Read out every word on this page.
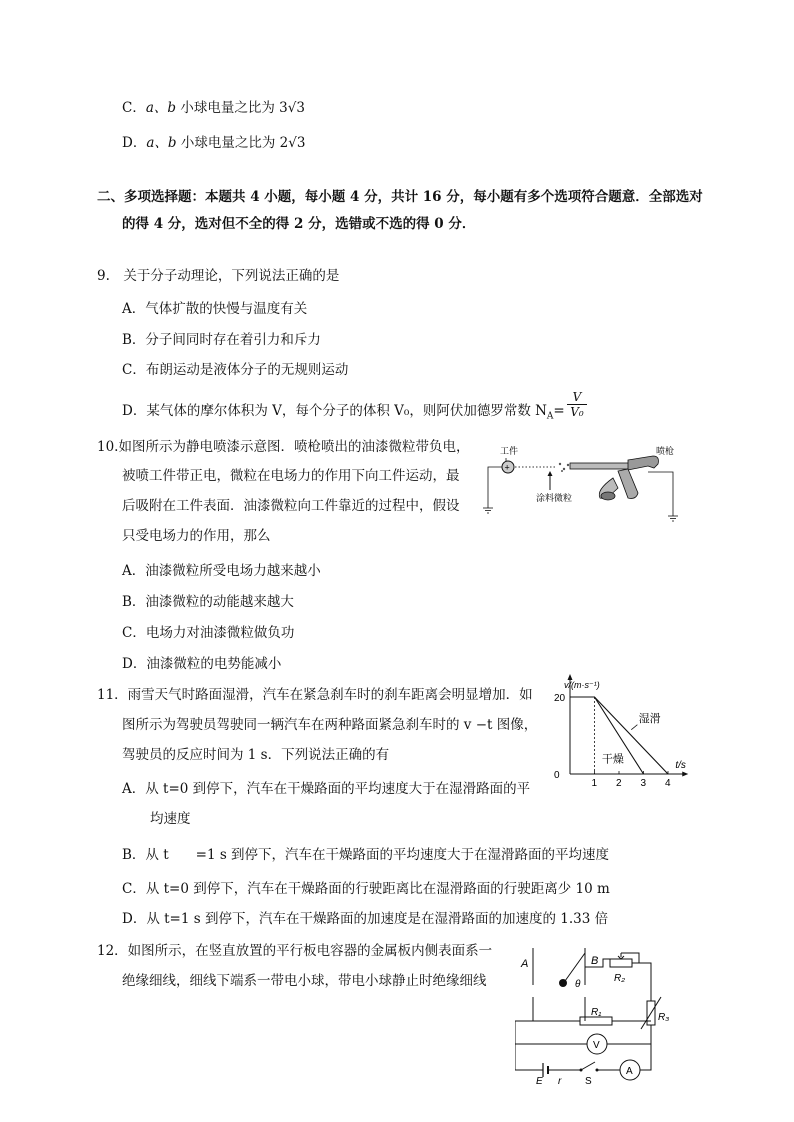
C．a、b 小球电量之比为 3√3
D．a、b 小球电量之比为 2√3
二、多项选择题：本题共 4 小题，每小题 4 分，共计 16 分，每小题有多个选项符合题意．全部选对
的得 4 分，选对但不全的得 2 分，选错或不选的得 0 分．
9.　关于分子动理论，下列说法正确的是
A．气体扩散的快慢与温度有关
B．分子间同时存在着引力和斥力
C．布朗运动是液体分子的无规则运动
D．某气体的摩尔体积为 V，每个分子的体积 V₀，则阿伏加德罗常数 $N_A=$
V
V₀
10.如图所示为静电喷漆示意图．喷枪喷出的油漆微粒带负电，
被喷工件带正电，微粒在电场力的作用下向工件运动，最
后吸附在工件表面．油漆微粒向工件靠近的过程中，假设
只受电场力的作用，那么
A．油漆微粒所受电场力越来越小
B．油漆微粒的动能越来越大
C．电场力对油漆微粒做负功
D．油漆微粒的电势能减小
工件	喷枪
涂料微粒
+
11．雨雪天气时路面湿滑，汽车在紧急刹车时的刹车距离会明显增加．如
图所示为驾驶员驾驶同一辆汽车在两种路面紧急刹车时的 v −t 图像，
驾驶员的反应时间为 1 s．下列说法正确的有
A．从 t=0 到停下，汽车在干燥路面的平均速度大于在湿滑路面的平
均速度
B．从 t　　=1 s 到停下，汽车在干燥路面的平均速度大于在湿滑路面的平均速度
C．从 t=0 到停下，汽车在干燥路面的行驶距离比在湿滑路面的行驶距离少 10 m
D．从 t=1 s 到停下，汽车在干燥路面的加速度是在湿滑路面的加速度的 1.33 倍
v/(m·s⁻¹)
t/s
0
20
1 2 3 4
干燥
湿滑
12．如图所示，在竖直放置的平行板电容器的金属板内侧表面系一
绝缘细线，细线下端系一带电小球，带电小球静止时绝缘细线
A	B
θ
R₂
R₁	R₃
V
A
E r S
